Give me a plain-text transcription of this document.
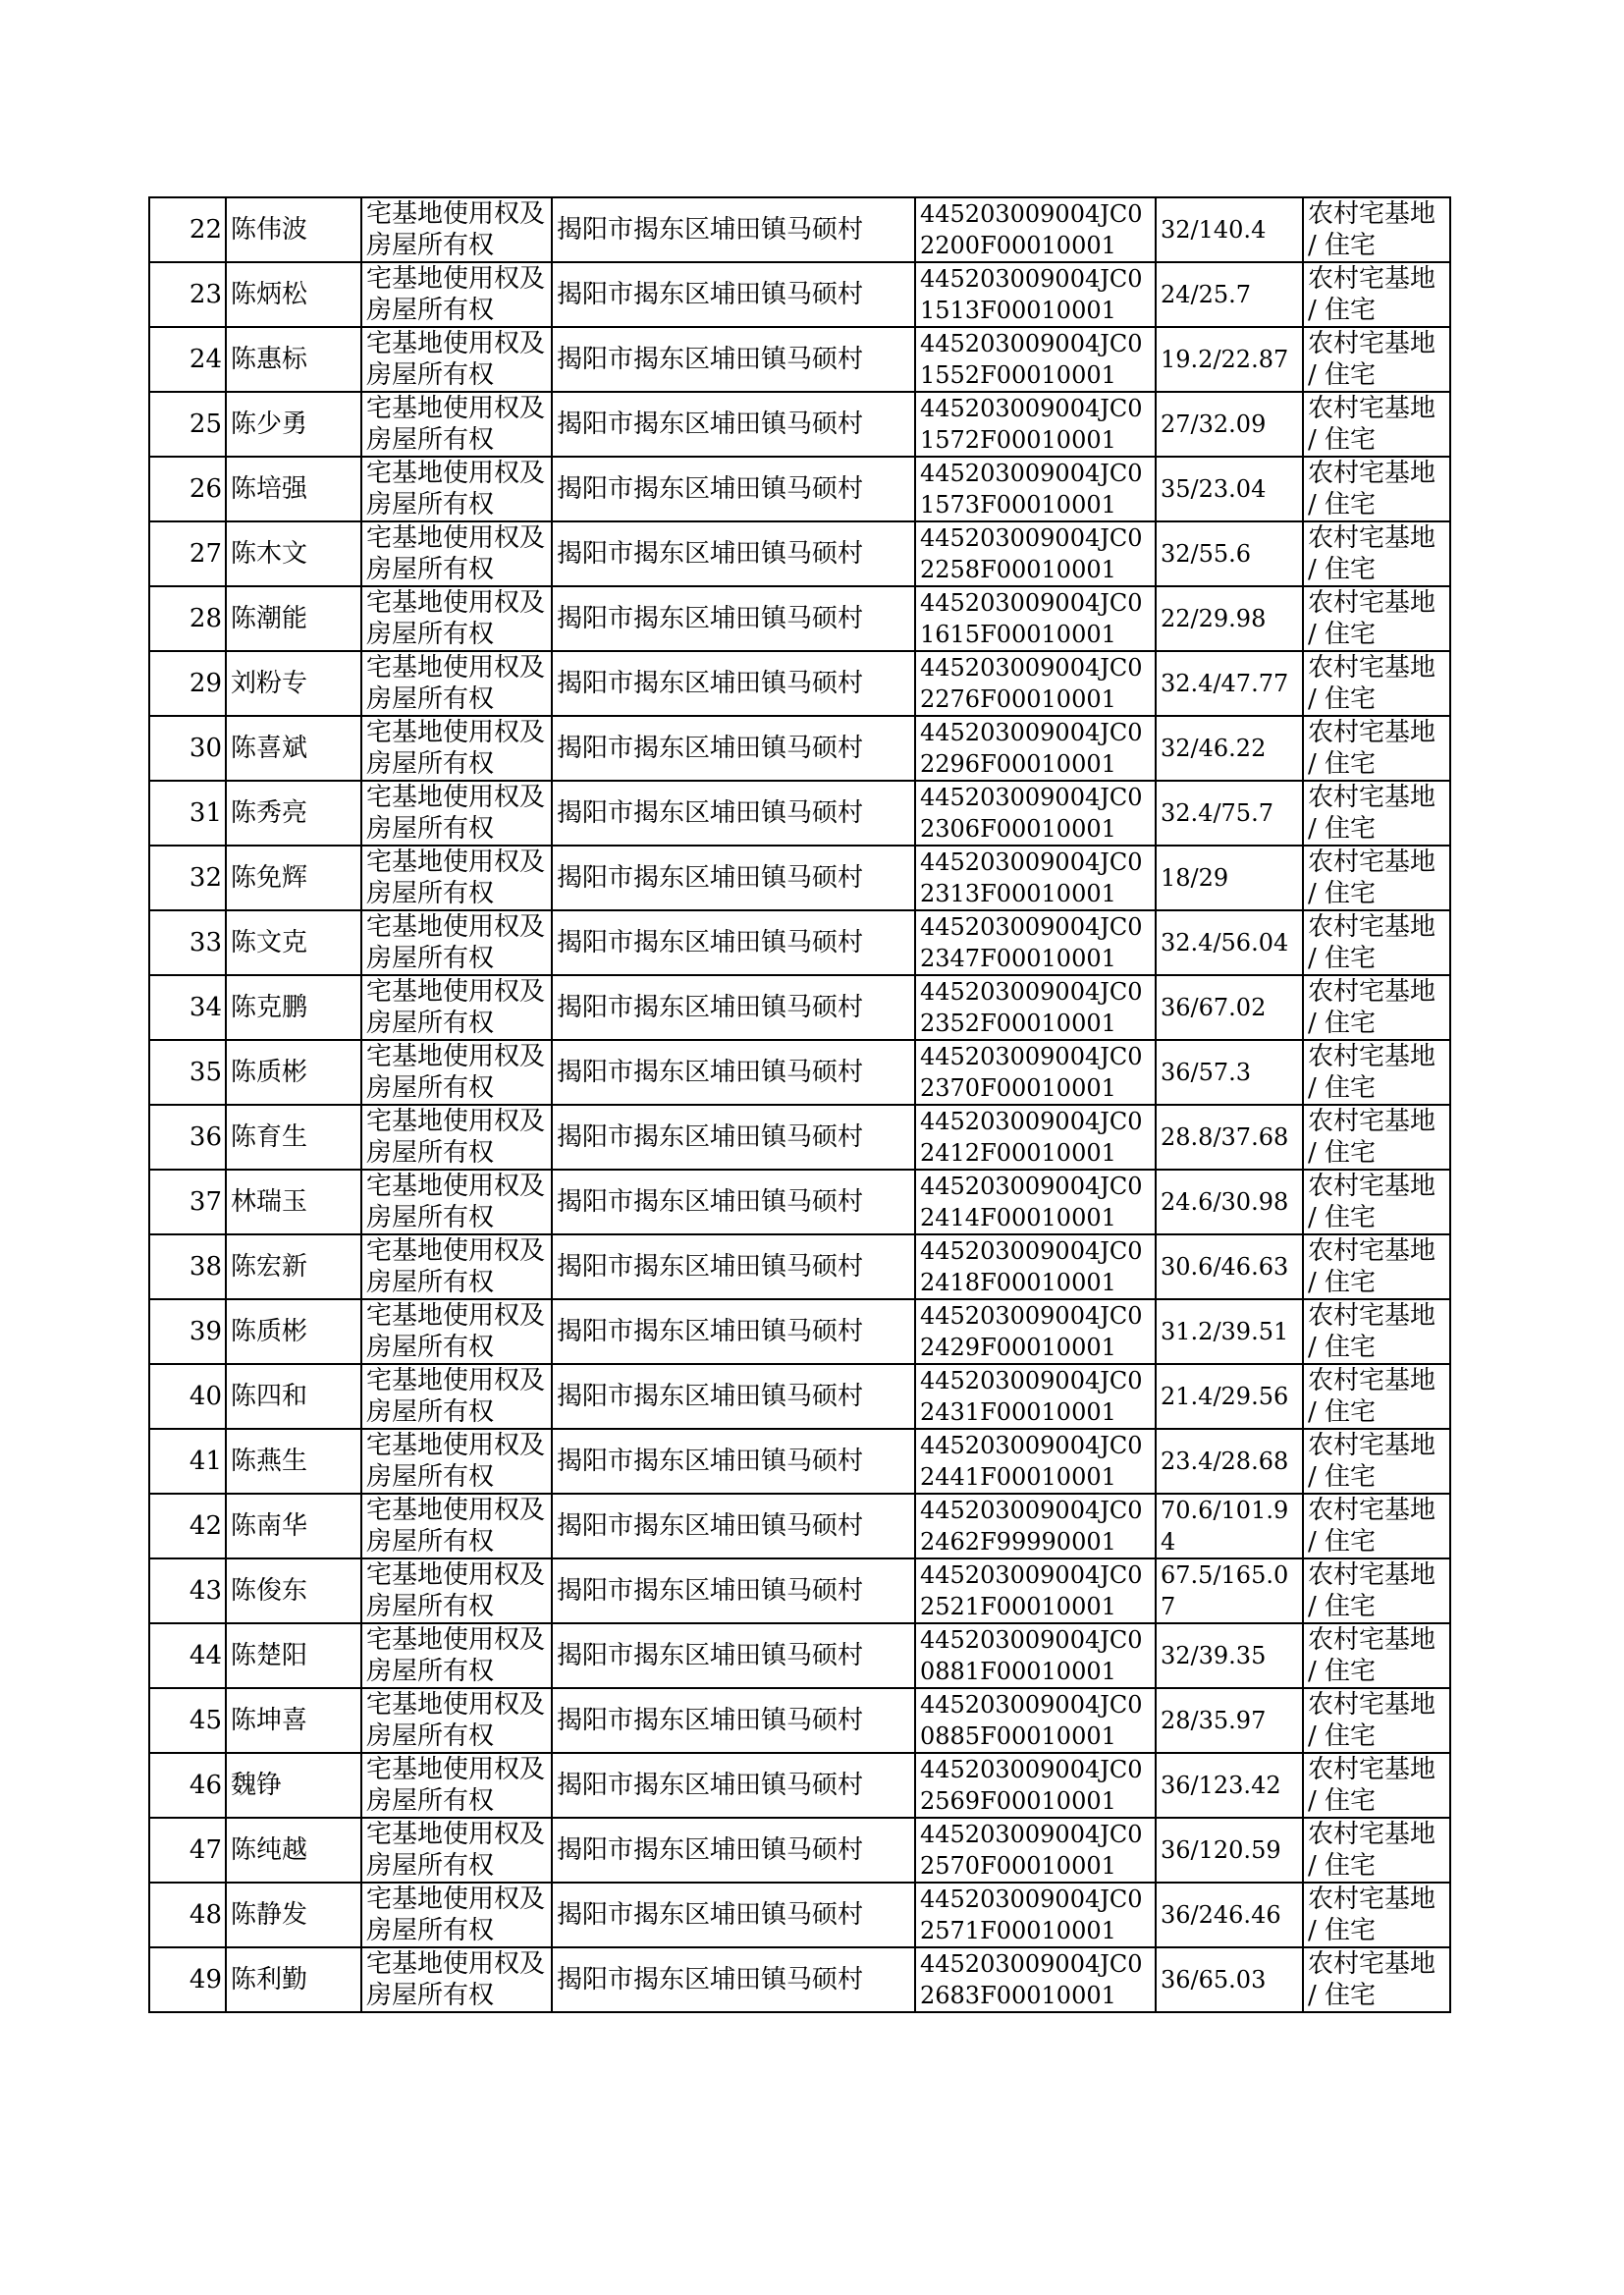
22	陈伟波	宅基地使用权及房屋所有权	揭阳市揭东区埔田镇马硕村	445203009004JC02200F00010001	32/140.4	农村宅基地 / 住宅
23	陈炳松	宅基地使用权及房屋所有权	揭阳市揭东区埔田镇马硕村	445203009004JC01513F00010001	24/25.7	农村宅基地 / 住宅
24	陈惠标	宅基地使用权及房屋所有权	揭阳市揭东区埔田镇马硕村	445203009004JC01552F00010001	19.2/22.87	农村宅基地 / 住宅
25	陈少勇	宅基地使用权及房屋所有权	揭阳市揭东区埔田镇马硕村	445203009004JC01572F00010001	27/32.09	农村宅基地 / 住宅
26	陈培强	宅基地使用权及房屋所有权	揭阳市揭东区埔田镇马硕村	445203009004JC01573F00010001	35/23.04	农村宅基地 / 住宅
27	陈木文	宅基地使用权及房屋所有权	揭阳市揭东区埔田镇马硕村	445203009004JC02258F00010001	32/55.6	农村宅基地 / 住宅
28	陈潮能	宅基地使用权及房屋所有权	揭阳市揭东区埔田镇马硕村	445203009004JC01615F00010001	22/29.98	农村宅基地 / 住宅
29	刘粉专	宅基地使用权及房屋所有权	揭阳市揭东区埔田镇马硕村	445203009004JC02276F00010001	32.4/47.77	农村宅基地 / 住宅
30	陈喜斌	宅基地使用权及房屋所有权	揭阳市揭东区埔田镇马硕村	445203009004JC02296F00010001	32/46.22	农村宅基地 / 住宅
31	陈秀亮	宅基地使用权及房屋所有权	揭阳市揭东区埔田镇马硕村	445203009004JC02306F00010001	32.4/75.7	农村宅基地 / 住宅
32	陈免辉	宅基地使用权及房屋所有权	揭阳市揭东区埔田镇马硕村	445203009004JC02313F00010001	18/29	农村宅基地 / 住宅
33	陈文克	宅基地使用权及房屋所有权	揭阳市揭东区埔田镇马硕村	445203009004JC02347F00010001	32.4/56.04	农村宅基地 / 住宅
34	陈克鹏	宅基地使用权及房屋所有权	揭阳市揭东区埔田镇马硕村	445203009004JC02352F00010001	36/67.02	农村宅基地 / 住宅
35	陈质彬	宅基地使用权及房屋所有权	揭阳市揭东区埔田镇马硕村	445203009004JC02370F00010001	36/57.3	农村宅基地 / 住宅
36	陈育生	宅基地使用权及房屋所有权	揭阳市揭东区埔田镇马硕村	445203009004JC02412F00010001	28.8/37.68	农村宅基地 / 住宅
37	林瑞玉	宅基地使用权及房屋所有权	揭阳市揭东区埔田镇马硕村	445203009004JC02414F00010001	24.6/30.98	农村宅基地 / 住宅
38	陈宏新	宅基地使用权及房屋所有权	揭阳市揭东区埔田镇马硕村	445203009004JC02418F00010001	30.6/46.63	农村宅基地 / 住宅
39	陈质彬	宅基地使用权及房屋所有权	揭阳市揭东区埔田镇马硕村	445203009004JC02429F00010001	31.2/39.51	农村宅基地 / 住宅
40	陈四和	宅基地使用权及房屋所有权	揭阳市揭东区埔田镇马硕村	445203009004JC02431F00010001	21.4/29.56	农村宅基地 / 住宅
41	陈燕生	宅基地使用权及房屋所有权	揭阳市揭东区埔田镇马硕村	445203009004JC02441F00010001	23.4/28.68	农村宅基地 / 住宅
42	陈南华	宅基地使用权及房屋所有权	揭阳市揭东区埔田镇马硕村	445203009004JC02462F99990001	70.6/101.94	农村宅基地 / 住宅
43	陈俊东	宅基地使用权及房屋所有权	揭阳市揭东区埔田镇马硕村	445203009004JC02521F00010001	67.5/165.07	农村宅基地 / 住宅
44	陈楚阳	宅基地使用权及房屋所有权	揭阳市揭东区埔田镇马硕村	445203009004JC00881F00010001	32/39.35	农村宅基地 / 住宅
45	陈坤喜	宅基地使用权及房屋所有权	揭阳市揭东区埔田镇马硕村	445203009004JC00885F00010001	28/35.97	农村宅基地 / 住宅
46	魏铮	宅基地使用权及房屋所有权	揭阳市揭东区埔田镇马硕村	445203009004JC02569F00010001	36/123.42	农村宅基地 / 住宅
47	陈纯越	宅基地使用权及房屋所有权	揭阳市揭东区埔田镇马硕村	445203009004JC02570F00010001	36/120.59	农村宅基地 / 住宅
48	陈静发	宅基地使用权及房屋所有权	揭阳市揭东区埔田镇马硕村	445203009004JC02571F00010001	36/246.46	农村宅基地 / 住宅
49	陈利勤	宅基地使用权及房屋所有权	揭阳市揭东区埔田镇马硕村	445203009004JC02683F00010001	36/65.03	农村宅基地 / 住宅
